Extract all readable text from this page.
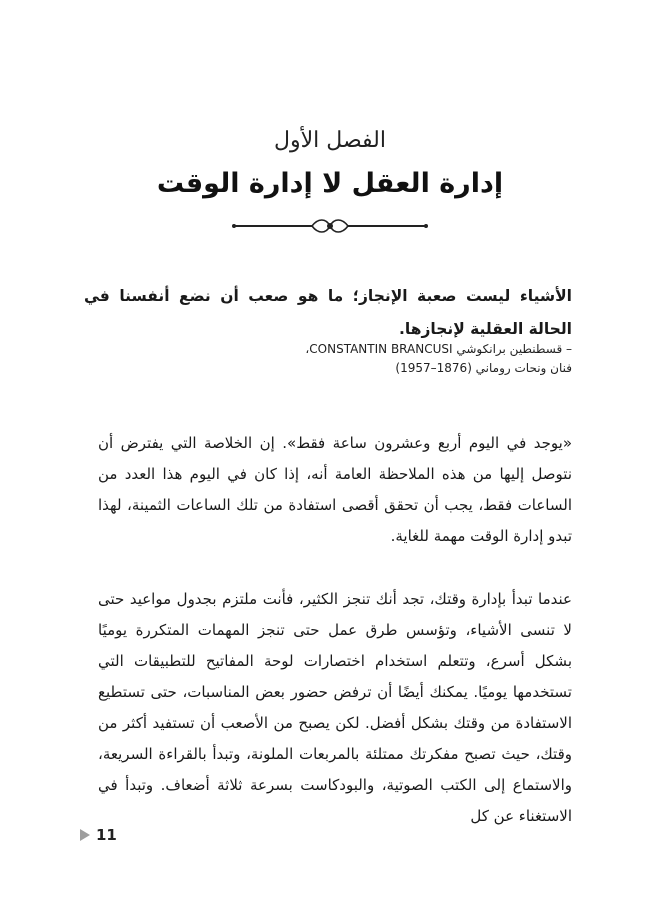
الفصل الأول
إدارة العقل لا إدارة الوقت
الأشياء ليست صعبة الإنجاز؛ ما هو صعب أن نضع أنفسنا في الحالة العقلية لإنجازها.
– قسطنطين برانكوشي CONSTANTIN BRANCUSI،
فنان ونحات روماني (1876–1957)

«يوجد في اليوم أربع وعشرون ساعة فقط». إن الخلاصة التي يفترض أن نتوصل إليها من هذه الملاحظة العامة أنه، إذا كان في اليوم هذا العدد من الساعات فقط، يجب أن تحقق أقصى استفادة من تلك الساعات الثمينة، لهذا تبدو إدارة الوقت مهمة للغاية.

عندما تبدأ بإدارة وقتك، تجد أنك تنجز الكثير، فأنت ملتزم بجدول مواعيد حتى لا تنسى الأشياء، وتؤسس طرق عمل حتى تنجز المهمات المتكررة يوميًا بشكل أسرع، وتتعلم استخدام اختصارات لوحة المفاتيح للتطبيقات التي تستخدمها يوميًا. يمكنك أيضًا أن ترفض حضور بعض المناسبات، حتى تستطيع الاستفادة من وقتك بشكل أفضل. لكن يصبح من الأصعب أن تستفيد أكثر من وقتك، حيث تصبح مفكرتك ممتلئة بالمربعات الملونة، وتبدأ بالقراءة السريعة، والاستماع إلى الكتب الصوتية، والبودكاست بسرعة ثلاثة أضعاف. وتبدأ في الاستغناء عن كل

11
